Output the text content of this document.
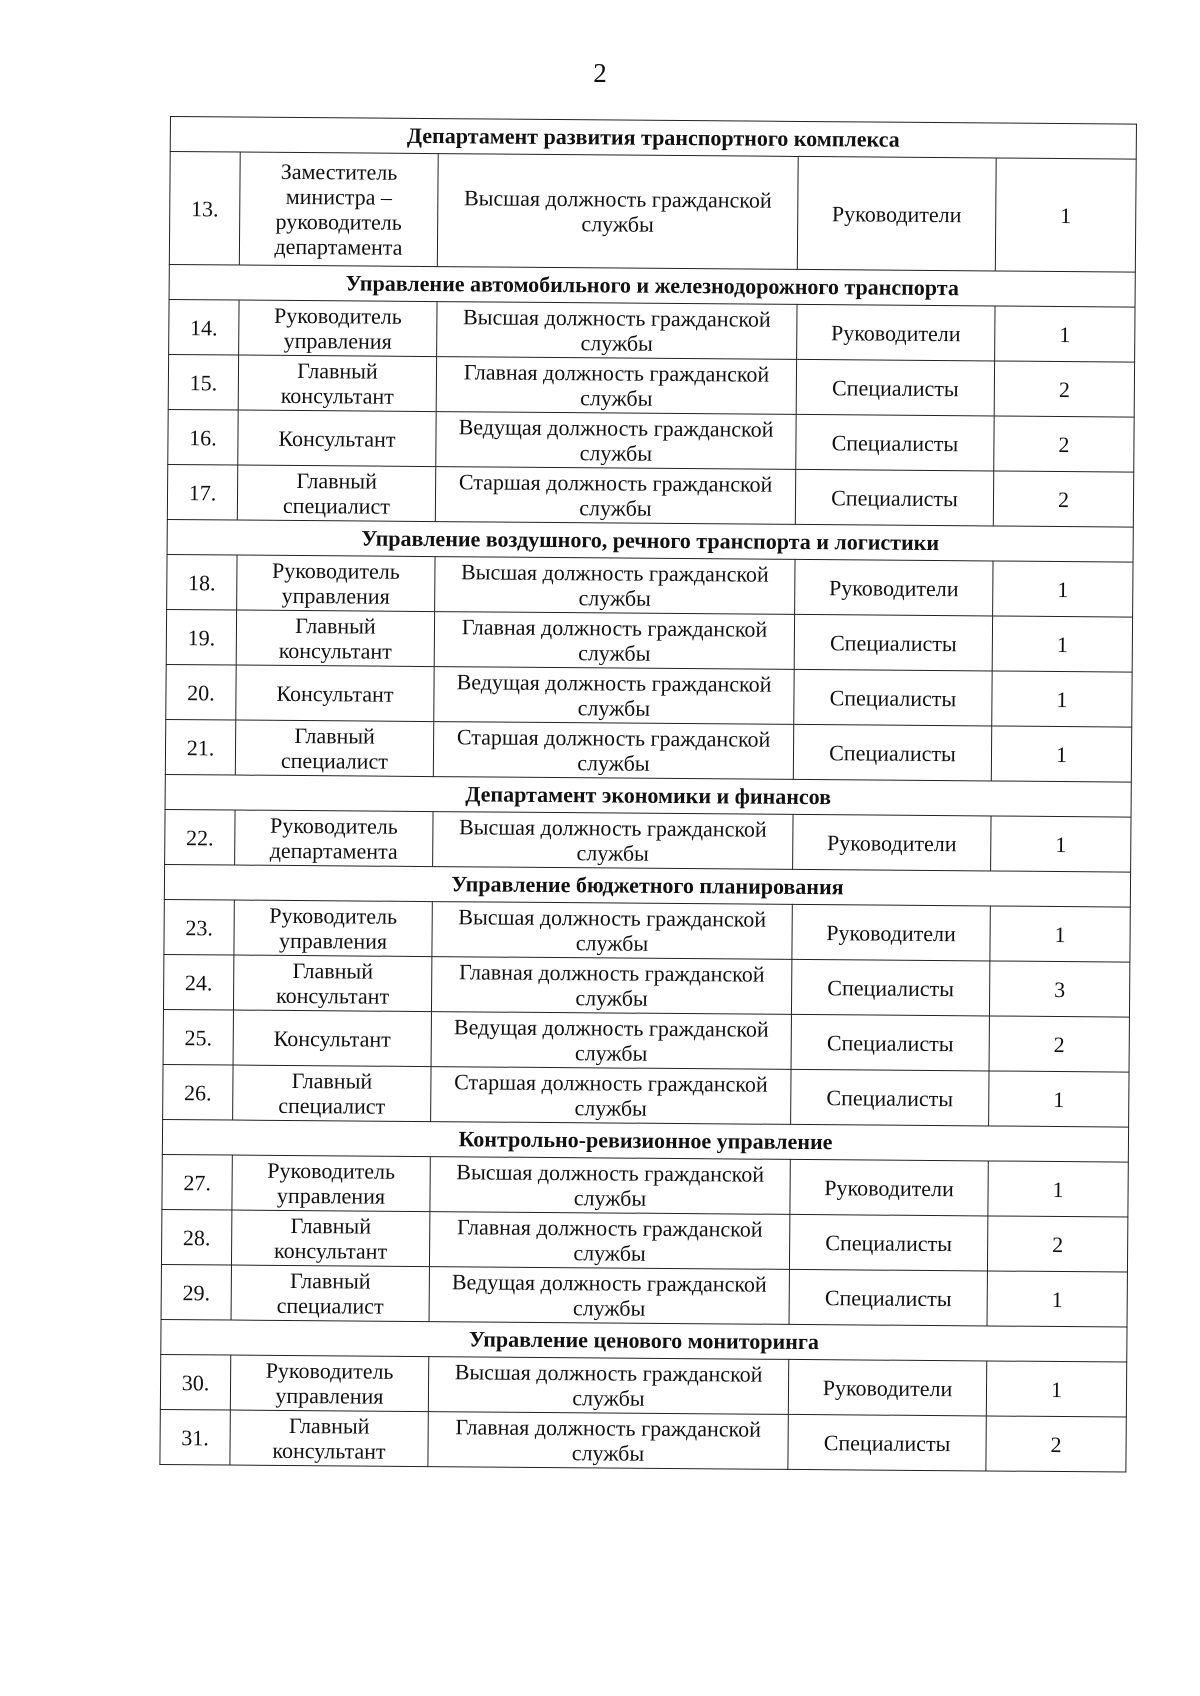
2
Департамент развития транспортного комплекса				
13.	Заместитель министра – руководитель департамента	Высшая должность гражданской службы	Руководители	1
Управление автомобильного и железнодорожного транспорта				
14.	Руководитель управления	Высшая должность гражданской службы	Руководители	1
15.	Главный консультант	Главная должность гражданской службы	Специалисты	2
16.	Консультант	Ведущая должность гражданской службы	Специалисты	2
17.	Главный специалист	Старшая должность гражданской службы	Специалисты	2
Управление воздушного, речного транспорта и логистики				
18.	Руководитель управления	Высшая должность гражданской службы	Руководители	1
19.	Главный консультант	Главная должность гражданской службы	Специалисты	1
20.	Консультант	Ведущая должность гражданской службы	Специалисты	1
21.	Главный специалист	Старшая должность гражданской службы	Специалисты	1
Департамент экономики и финансов				
22.	Руководитель департамента	Высшая должность гражданской службы	Руководители	1
Управление бюджетного планирования				
23.	Руководитель управления	Высшая должность гражданской службы	Руководители	1
24.	Главный консультант	Главная должность гражданской службы	Специалисты	3
25.	Консультант	Ведущая должность гражданской службы	Специалисты	2
26.	Главный специалист	Старшая должность гражданской службы	Специалисты	1
Контрольно-ревизионное управление				
27.	Руководитель управления	Высшая должность гражданской службы	Руководители	1
28.	Главный консультант	Главная должность гражданской службы	Специалисты	2
29.	Главный специалист	Ведущая должность гражданской службы	Специалисты	1
Управление ценового мониторинга				
30.	Руководитель управления	Высшая должность гражданской службы	Руководители	1
31.	Главный консультант	Главная должность гражданской службы	Специалисты	2
